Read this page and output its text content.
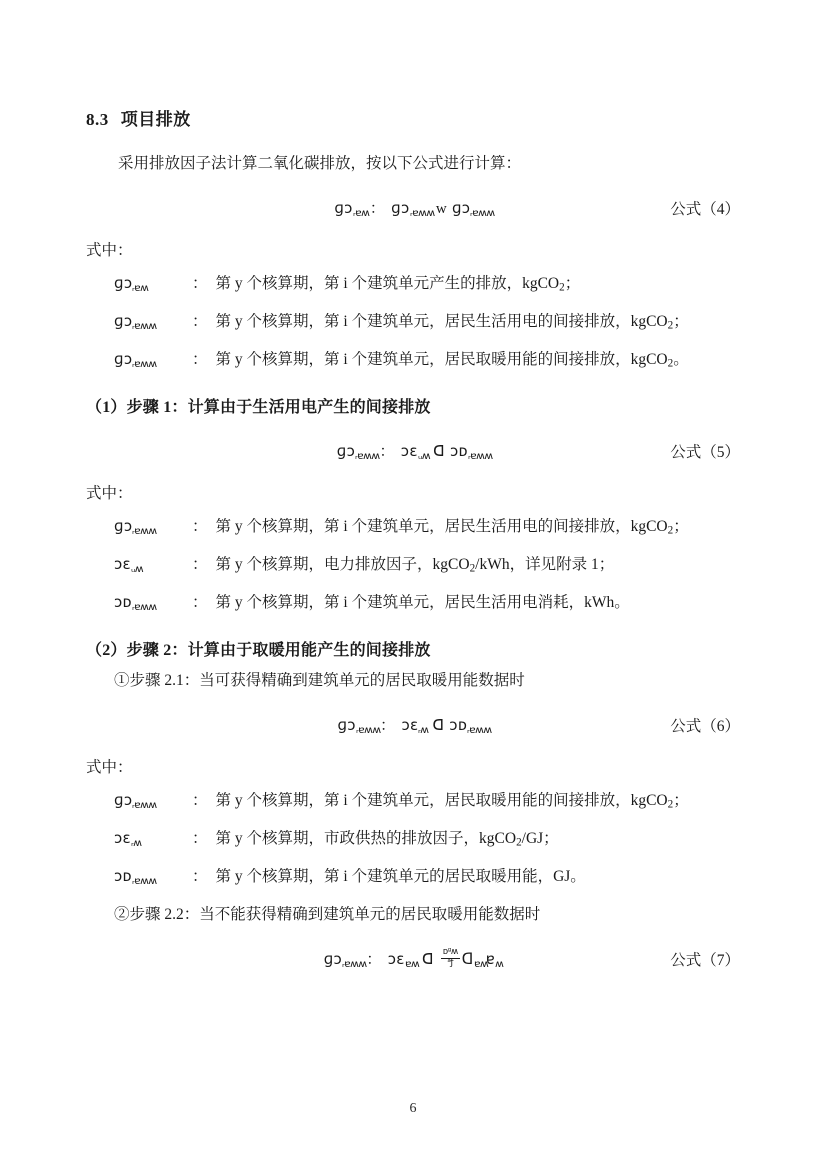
8.3 项目排放

采用排放因子法计算二氧化碳排放，按以下公式进行计算：

ɡɔ$_{ᵣɐʍ}$： ɡɔ$_{ᵣɐʍʍ}$ w ɡɔ$_{ᵣɐʍʍ}$	公式（4）

式中：

ɡɔ$_{ᵣɐʍ}$	： 第 y 个核算期，第 i 个建筑单元产生的排放，kgCO$_2$；
ɡɔ$_{ᵣɐʍʍ}$	： 第 y 个核算期，第 i 个建筑单元，居民生活用电的间接排放，kgCO$_2$；
ɡɔ$_{ᵣɐʍʍ}$	： 第 y 个核算期，第 i 个建筑单元，居民取暖用能的间接排放，kgCO$_2$。
（1）步骤 1：计算由于生活用电产生的间接排放
ɡɔ$_{ᵣɐʍʍ}$： ɔɛ$_{ᵤʍ}$ ᗡ ɔᴅ$_{ᵣɐʍʍ}$	公式（5）

式中：

ɡɔ$_{ᵣɐʍʍ}$	： 第 y 个核算期，第 i 个建筑单元，居民生活用电的间接排放，kgCO$_2$；
ɔɛ$_{ᵤʍ}$	： 第 y 个核算期，电力排放因子，kgCO$_2$/kWh，详见附录 1；
ɔᴅ$_{ᵣɐʍʍ}$	： 第 y 个核算期，第 i 个建筑单元，居民生活用电消耗，kWh。
（2）步骤 2：计算由于取暖用能产生的间接排放
①步骤 2.1：当可获得精确到建筑单元的居民取暖用能数据时
ɡɔ$_{ᵣɐʍʍ}$： ɔɛ$_{ᵣʍ}$ ᗡ ɔᴅ$_{ᵣɐʍʍ}$	公式（6）

式中：

ɡɔ$_{ᵣɐʍʍ}$	： 第 y 个核算期，第 i 个建筑单元，居民取暖用能的间接排放，kgCO$_2$；
ɔɛ$_{ᵣʍ}$	： 第 y 个核算期，市政供热的排放因子，kgCO$_2$/GJ；
ɔᴅ$_{ᵣɐʍʍ}$	： 第 y 个核算期，第 i 个建筑单元的居民取暖用能，GJ。
②步骤 2.2：当不能获得精确到建筑单元的居民取暖用能数据时
ɡɔ$_{ᵣɐʍʍ}$： ɔɛ$_{ɐʍ}$ ᗡ $\frac{\text{ᴅᵍʍ}}{\text{ᵃƒ}}$ ᗡ$_{ɐʍ}$ɐ$_ʍ$	公式（7）
6
